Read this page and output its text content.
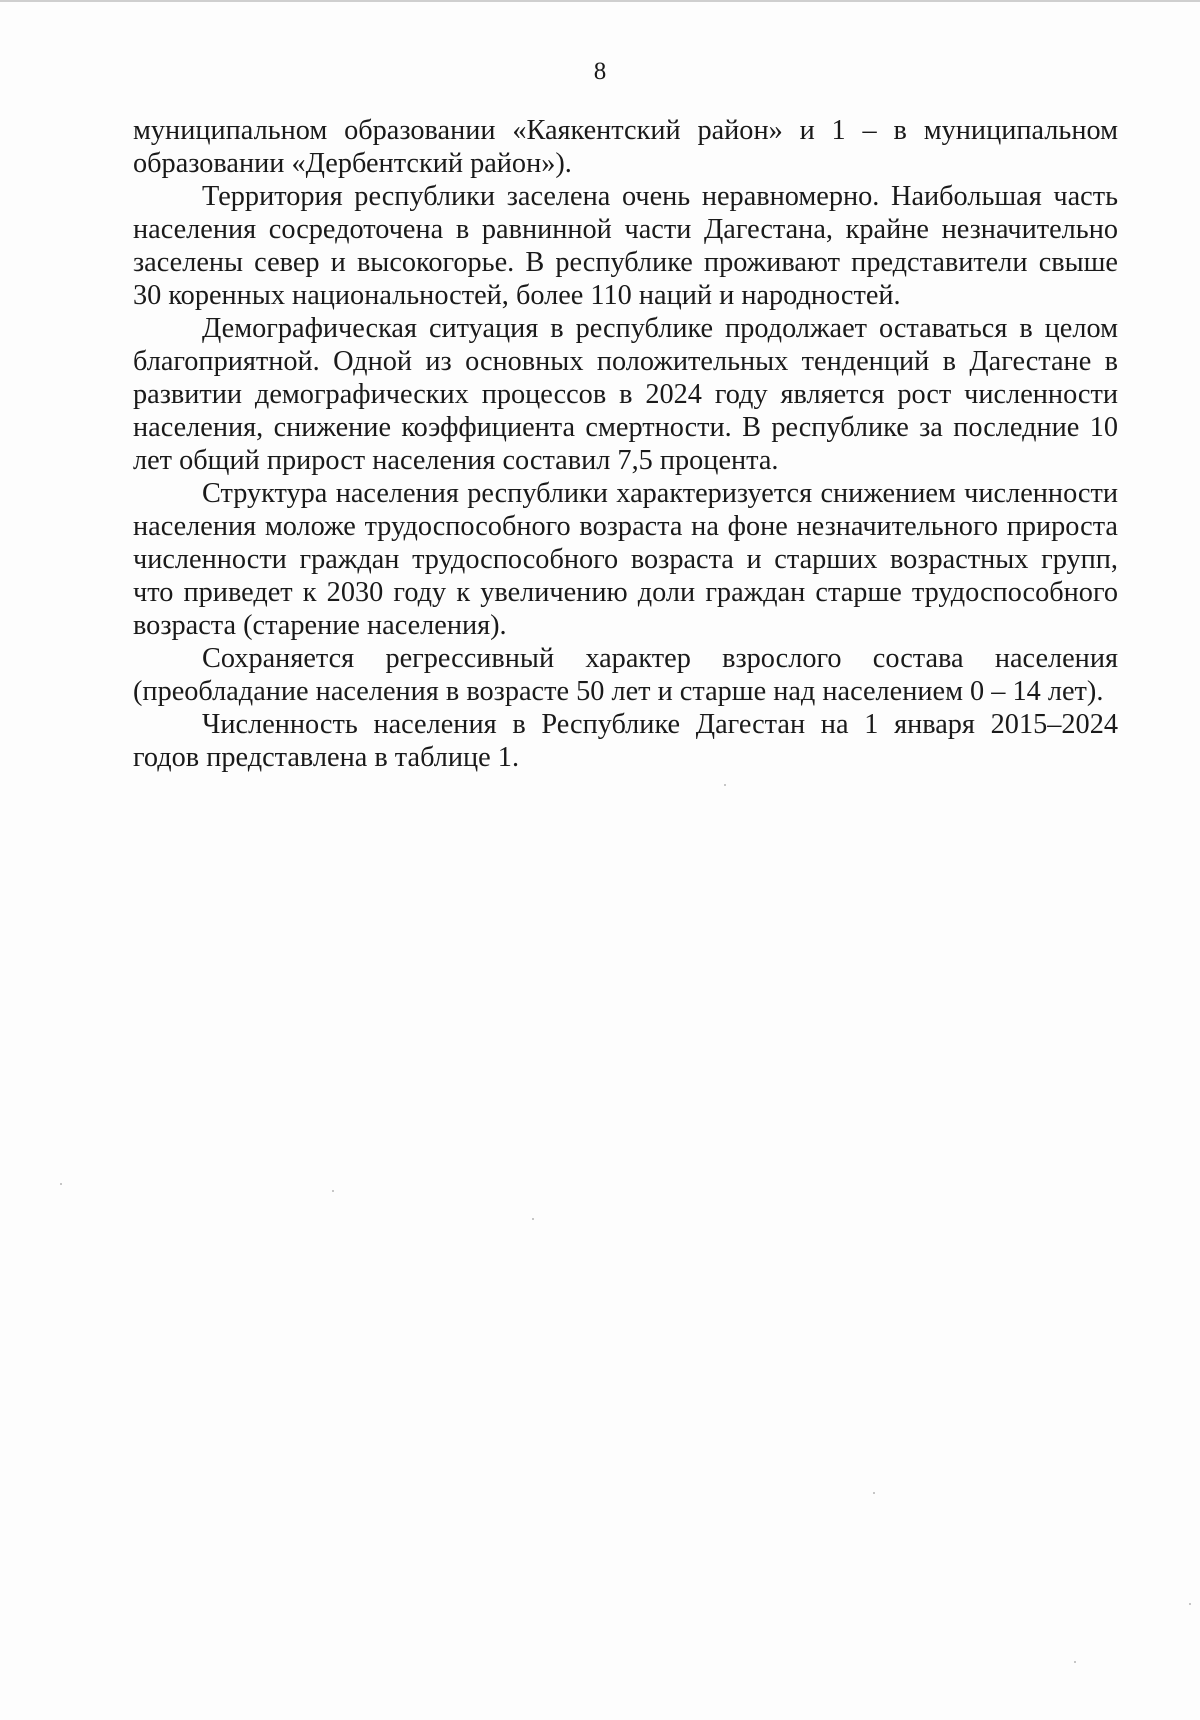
8

муниципальном образовании «Каякентский район» и 1 – в муниципальном образовании «Дербентский район»).

Территория республики заселена очень неравномерно. Наибольшая часть населения сосредоточена в равнинной части Дагестана, крайне незначительно заселены север и высокогорье. В республике проживают представители свыше 30 коренных национальностей, более 110 наций и народностей.

Демографическая ситуация в республике продолжает оставаться в целом благоприятной. Одной из основных положительных тенденций в Дагестане в развитии демографических процессов в 2024 году является рост численности населения, снижение коэффициента смертности. В республике за последние 10 лет общий прирост населения составил 7,5 процента.

Структура населения республики характеризуется снижением численности населения моложе трудоспособного возраста на фоне незначительного прироста численности граждан трудоспособного возраста и старших возрастных групп, что приведет к 2030 году к увеличению доли граждан старше трудоспособного возраста (старение населения).

Сохраняется регрессивный характер взрослого состава населения (преобладание населения в возрасте 50 лет и старше над населением 0 – 14 лет).

Численность населения в Республике Дагестан на 1 января 2015–2024 годов представлена в таблице 1.
